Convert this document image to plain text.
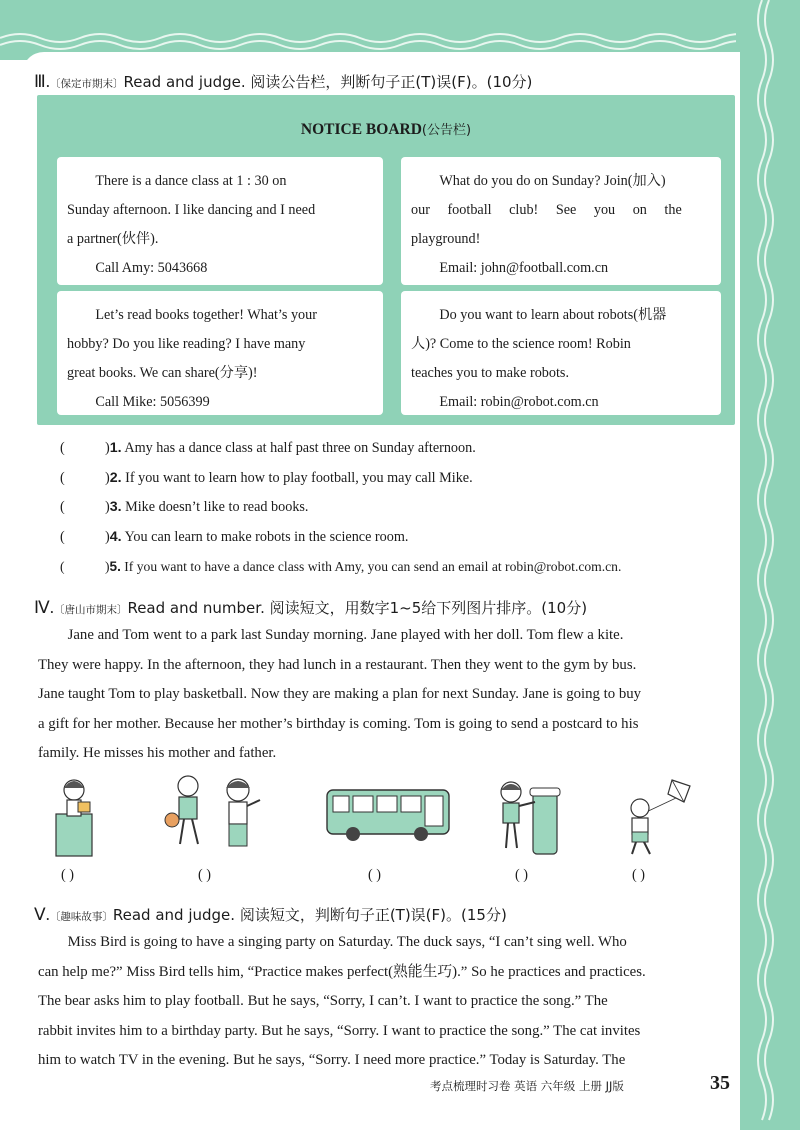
Ⅲ.〔保定市期末〕Read and judge. 阅读公告栏，判断句子正(T)误(F)。(10分)
NOTICE BOARD(公告栏)

There is a dance class at 1 : 30 on

Sunday afternoon. I like dancing and I need

a partner(伙伴).

Call Amy: 5043668

What do you do on Sunday? Join(加入)

our football club! See you on the

playground!

Email: john@football.com.cn

Let’s read books together! What’s your

hobby? Do you like reading? I have many

great books. We can share(分享)!

Call Mike: 5056399

Do you want to learn about robots(机器

人)? Come to the science room! Robin

teaches you to make robots.

Email: robin@robot.com.cn

(	)1. Amy has a dance class at half past three on Sunday afternoon.
(	)2. If you want to learn how to play football, you may call Mike.
(	)3. Mike doesn’t like to read books.
(	)4. You can learn to make robots in the science room.
(	)5. If you want to have a dance class with Amy, you can send an email at robin@robot.com.cn.
Ⅳ.〔唐山市期末〕Read and number. 阅读短文，用数字1~5给下列图片排序。(10分)

Jane and Tom went to a park last Sunday morning. Jane played with her doll. Tom flew a kite.

They were happy. In the afternoon, they had lunch in a restaurant. Then they went to the gym by bus.
Jane taught Tom to play basketball. Now they are making a plan for next Sunday. Jane is going to buy
a gift for her mother. Because her mother’s birthday is coming. Tom is going to send a postcard to his
family. He misses his mother and father.
( )	( )	( )	( )	( )
Ⅴ.〔趣味故事〕Read and judge. 阅读短文，判断句子正(T)误(F)。(15分)

Miss Bird is going to have a singing party on Saturday. The duck says, “I can’t sing well. Who

can help me?” Miss Bird tells him, “Practice makes perfect(熟能生巧).” So he practices and practices.
The bear asks him to play football. But he says, “Sorry, I can’t. I want to practice the song.” The
rabbit invites him to a birthday party. But he says, “Sorry. I want to practice the song.” The cat invites
him to watch TV in the evening. But he says, “Sorry. I need more practice.” Today is Saturday. The
考点梳理时习卷 英语 六年级 上册 JJ版	35
